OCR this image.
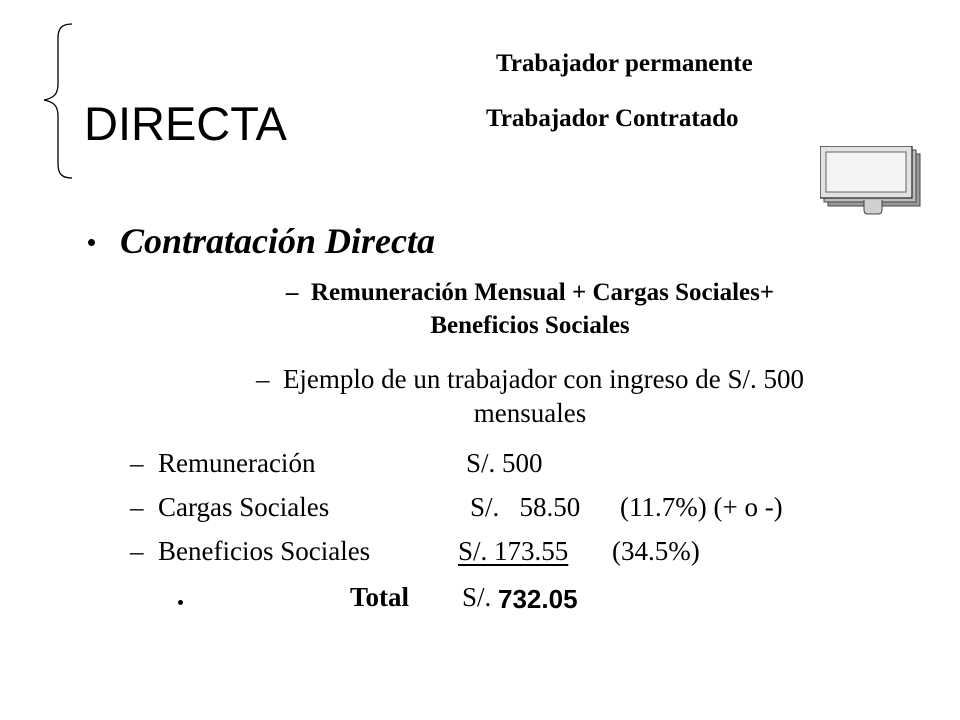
DIRECTA
Trabajador permanente
Trabajador Contratado
Contratación Directa
– Remuneración Mensual + Cargas Sociales+
Beneficios Sociales
– Ejemplo de un trabajador con ingreso de S/. 500
mensuales
– Remuneración	S/. 500
– Cargas Sociales	S/.   58.50 (11.7%) (+ o -)
– Beneficios Sociales	S/. 173.55	(34.5%)
Total S/. 732.05
